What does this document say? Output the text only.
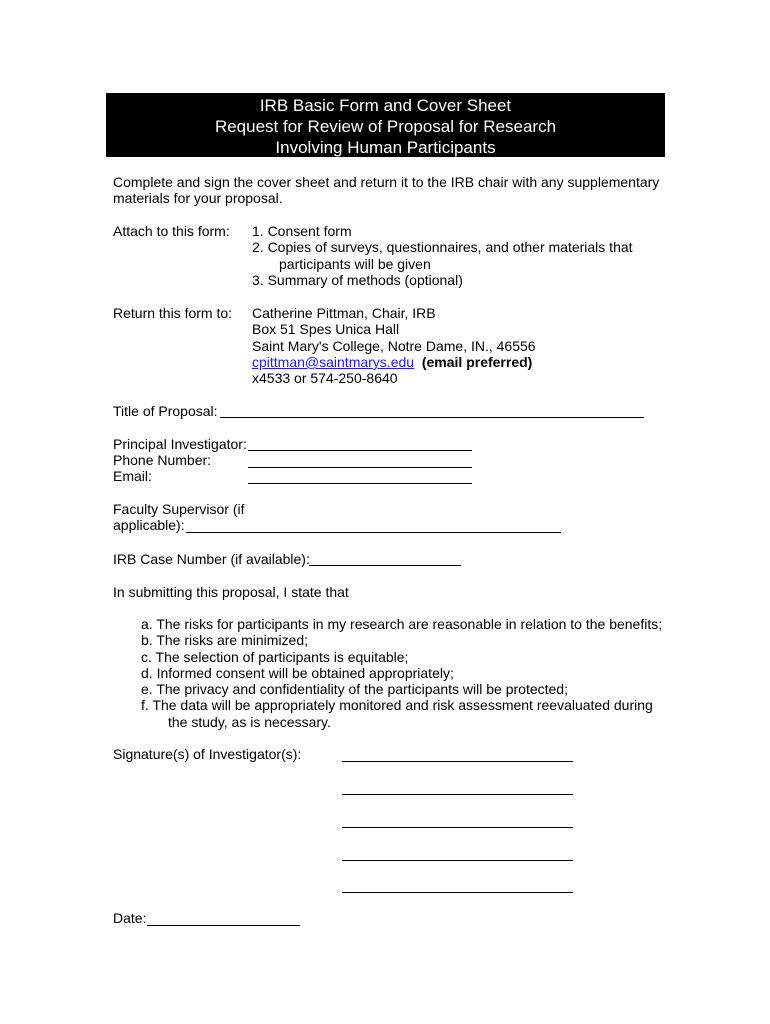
IRB Basic Form and Cover Sheet
Request for Review of Proposal for Research
Involving Human Participants
Complete and sign the cover sheet and return it to the IRB chair with any supplementary
materials for your proposal.
Attach to this form: 1. Consent form
2. Copies of surveys, questionnaires, and other materials that
participants will be given
3. Summary of methods (optional)
Return this form to: Catherine Pittman, Chair, IRB
Box 51 Spes Unica Hall
Saint Mary's College, Notre Dame, IN., 46556
cpittman@saintmarys.edu (email preferred)
x4533 or 574-250-8640
Title of Proposal:
Principal Investigator:
Phone Number:
Email:
Faculty Supervisor (if
applicable):
IRB Case Number (if available):
In submitting this proposal, I state that
a. The risks for participants in my research are reasonable in relation to the benefits;
b. The risks are minimized;
c. The selection of participants is equitable;
d. Informed consent will be obtained appropriately;
e. The privacy and confidentiality of the participants will be protected;
f. The data will be appropriately monitored and risk assessment reevaluated during
the study, as is necessary.
Signature(s) of Investigator(s):
Date:
